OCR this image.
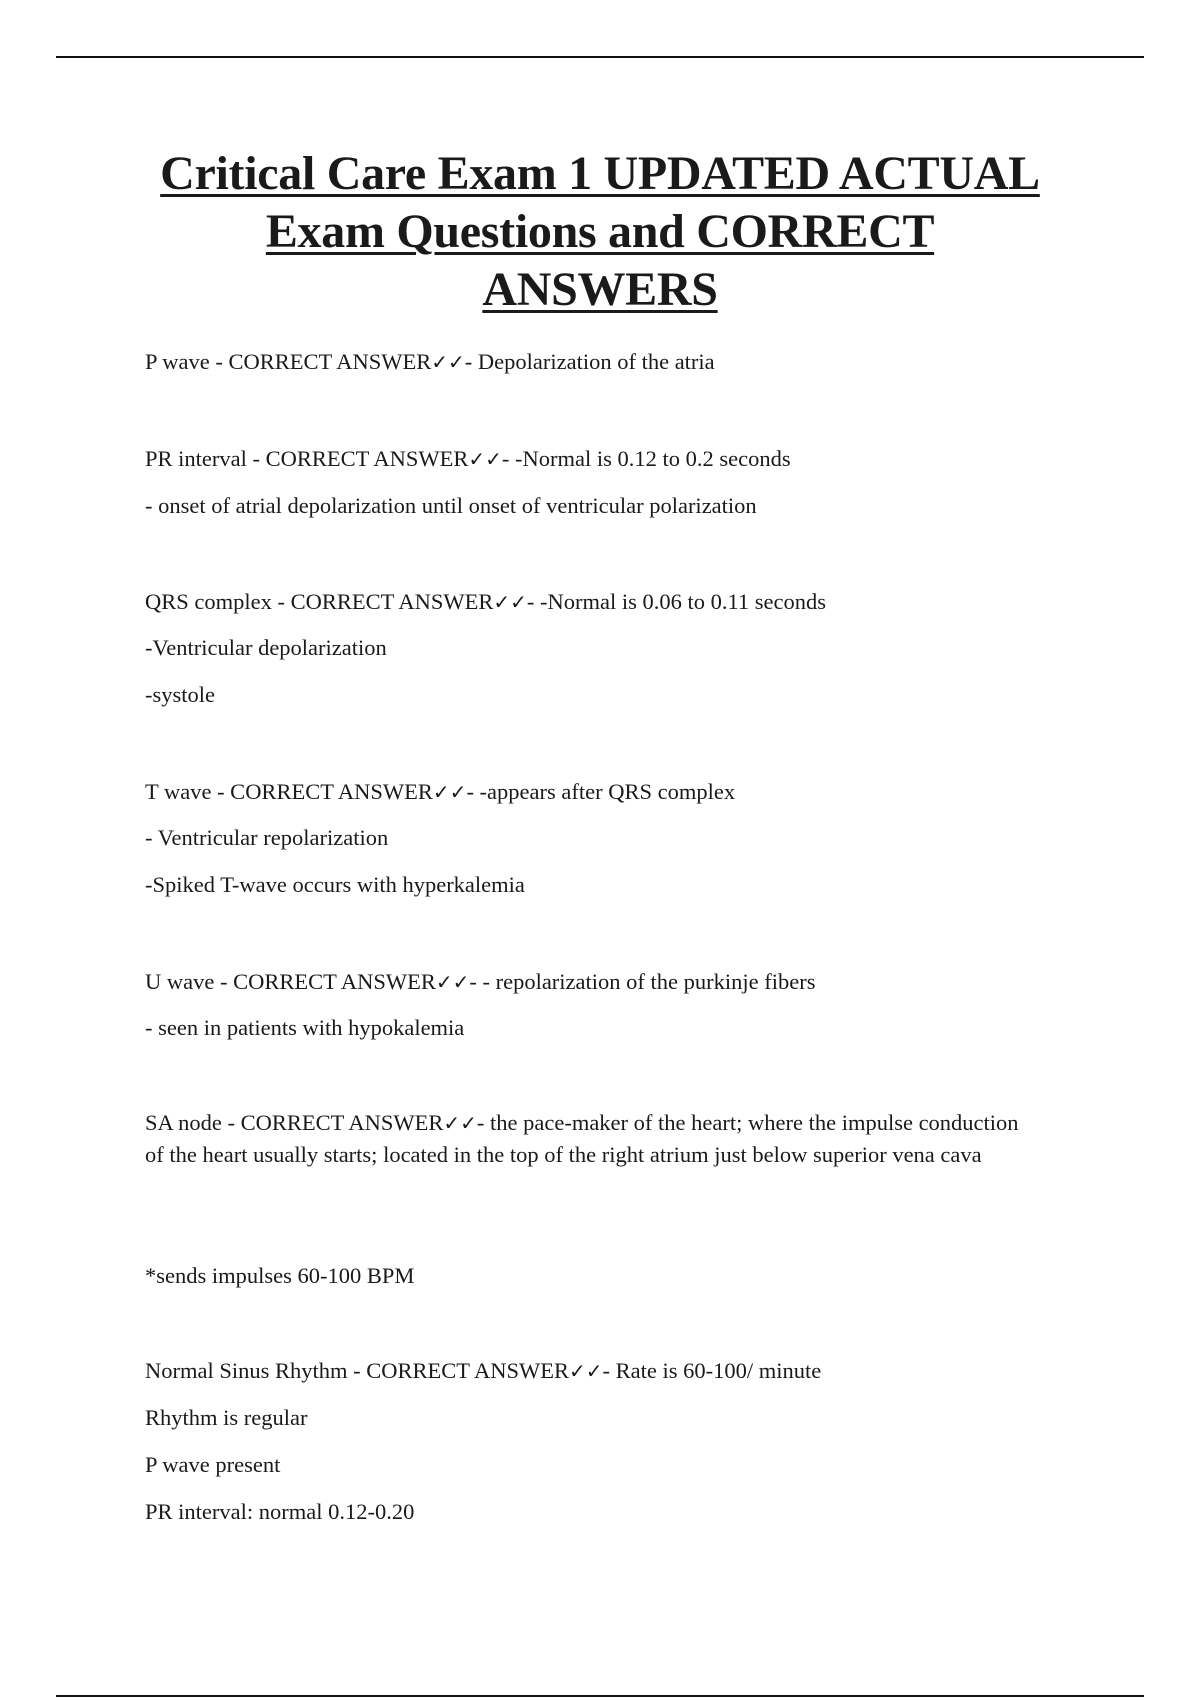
Critical Care Exam 1 UPDATED ACTUAL
Exam Questions and CORRECT
ANSWERS
P wave - CORRECT ANSWER✓✓- Depolarization of the atria
PR interval - CORRECT ANSWER✓✓- -Normal is 0.12 to 0.2 seconds
- onset of atrial depolarization until onset of ventricular polarization
QRS complex - CORRECT ANSWER✓✓- -Normal is 0.06 to 0.11 seconds
-Ventricular depolarization
-systole
T wave - CORRECT ANSWER✓✓- -appears after QRS complex
- Ventricular repolarization
-Spiked T-wave occurs with hyperkalemia
U wave - CORRECT ANSWER✓✓- - repolarization of the purkinje fibers
- seen in patients with hypokalemia
SA node - CORRECT ANSWER✓✓- the pace-maker of the heart; where the impulse conduction of the heart usually starts; located in the top of the right atrium just below superior vena cava
*sends impulses 60-100 BPM
Normal Sinus Rhythm - CORRECT ANSWER✓✓- Rate is 60-100/ minute
Rhythm is regular
P wave present
PR interval: normal 0.12-0.20
